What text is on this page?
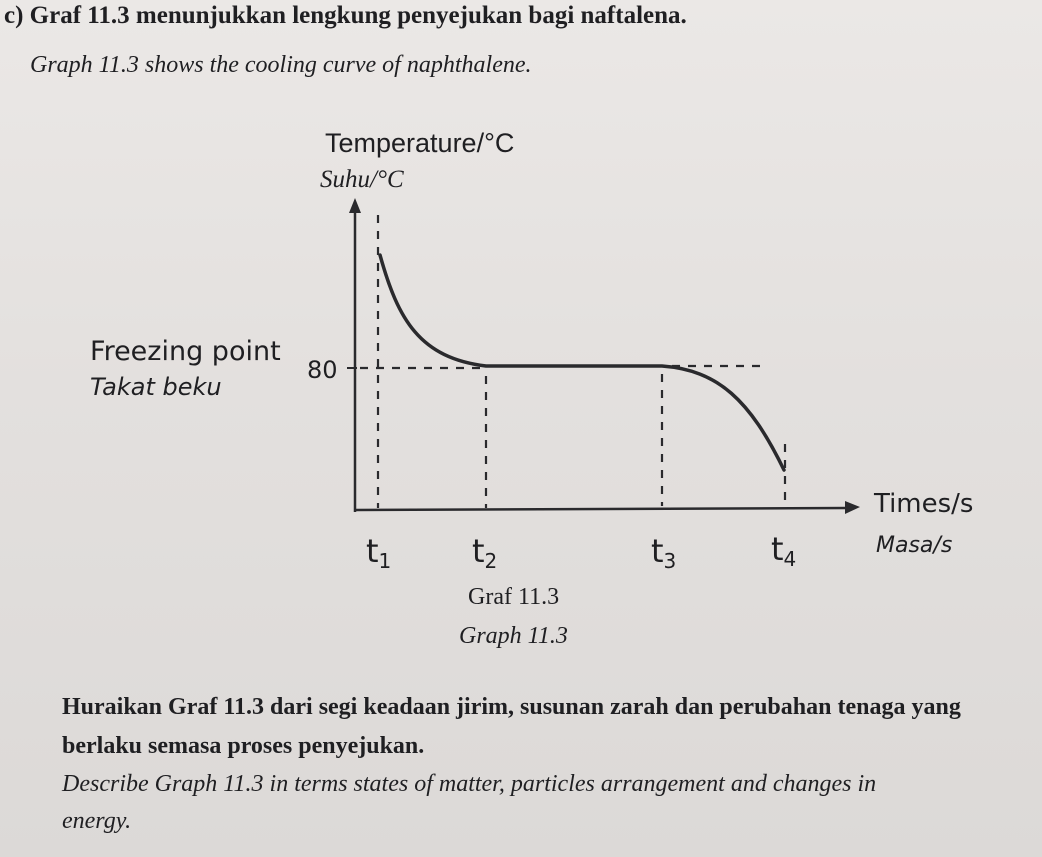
c) Graf 11.3 menunjukkan lengkung penyejukan bagi naftalena.
Graph 11.3 shows the cooling curve of naphthalene.
Temperature/°C
Suhu/°C
Freezing point
Takat beku
Times/s
Masa/s
80
t1	t2	t3	t4
Graf 11.3
Graph 11.3
Huraikan Graf 11.3 dari segi keadaan jirim, susunan zarah dan perubahan tenaga yang
berlaku semasa proses penyejukan.
Describe Graph 11.3 in terms states of matter, particles arrangement and changes in
energy.
